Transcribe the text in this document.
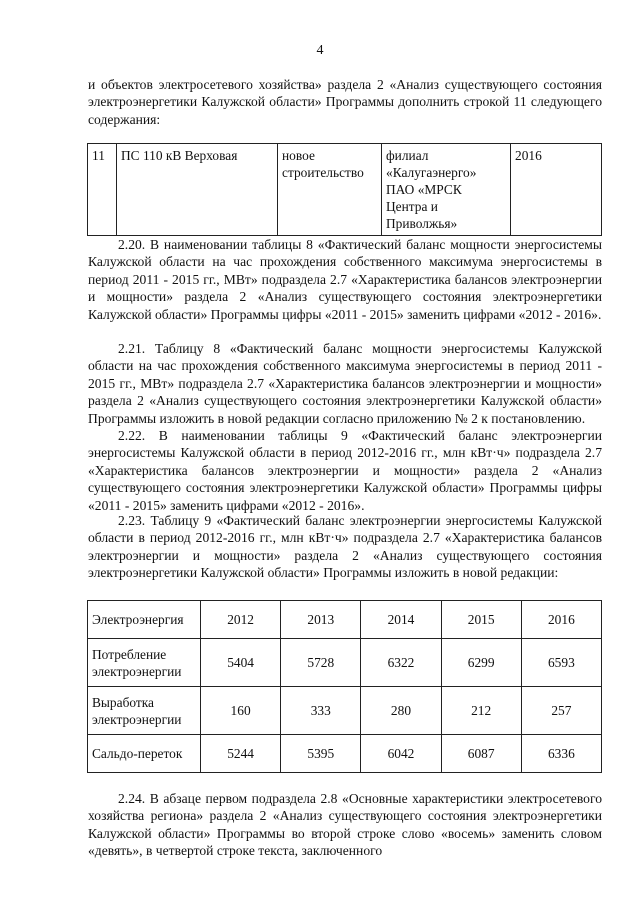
4

и объектов электросетевого хозяйства» раздела 2 «Анализ существующего состояния электроэнергетики Калужской области» Программы дополнить строкой 11 следующего содержания:

11	ПС 110 кВ Верховая	новое строительство	филиал «Калугаэнерго» ПАО «МРСК Центра и Приволжья»	2016

2.20. В наименовании таблицы 8 «Фактический баланс мощности энергосистемы Калужской области на час прохождения собственного максимума энергосистемы в период 2011 - 2015 гг., МВт» подраздела 2.7 «Характеристика балансов электроэнергии и мощности» раздела 2 «Анализ существующего состояния электроэнергетики Калужской области» Программы цифры «2011 - 2015» заменить цифрами «2012 - 2016».

2.21. Таблицу 8 «Фактический баланс мощности энергосистемы Калужской области на час прохождения собственного максимума энергосистемы в период 2011 - 2015 гг., МВт» подраздела 2.7 «Характеристика балансов электроэнергии и мощности» раздела 2 «Анализ существующего состояния электроэнергетики Калужской области» Программы изложить в новой редакции согласно приложению № 2 к постановлению.

2.22. В наименовании таблицы 9 «Фактический баланс электроэнергии энергосистемы Калужской области в период 2012-2016 гг., млн кВт·ч» подраздела 2.7 «Характеристика балансов электроэнергии и мощности» раздела 2 «Анализ существующего состояния электроэнергетики Калужской области» Программы цифры «2011 - 2015» заменить цифрами «2012 - 2016».

2.23. Таблицу 9 «Фактический баланс электроэнергии энергосистемы Калужской области в период 2012-2016 гг., млн кВт·ч» подраздела 2.7 «Характеристика балансов электроэнергии и мощности» раздела 2 «Анализ существующего состояния электроэнергетики Калужской области» Программы изложить в новой редакции:

Электроэнергия	2012	2013	2014	2015	2016
Потребление электроэнергии	5404	5728	6322	6299	6593
Выработка электроэнергии	160	333	280	212	257
Сальдо-переток	5244	5395	6042	6087	6336

2.24. В абзаце первом подраздела 2.8 «Основные характеристики электросетевого хозяйства региона» раздела 2 «Анализ существующего состояния электроэнергетики Калужской области» Программы во второй строке слово «восемь» заменить словом «девять», в четвертой строке текста, заключенного
